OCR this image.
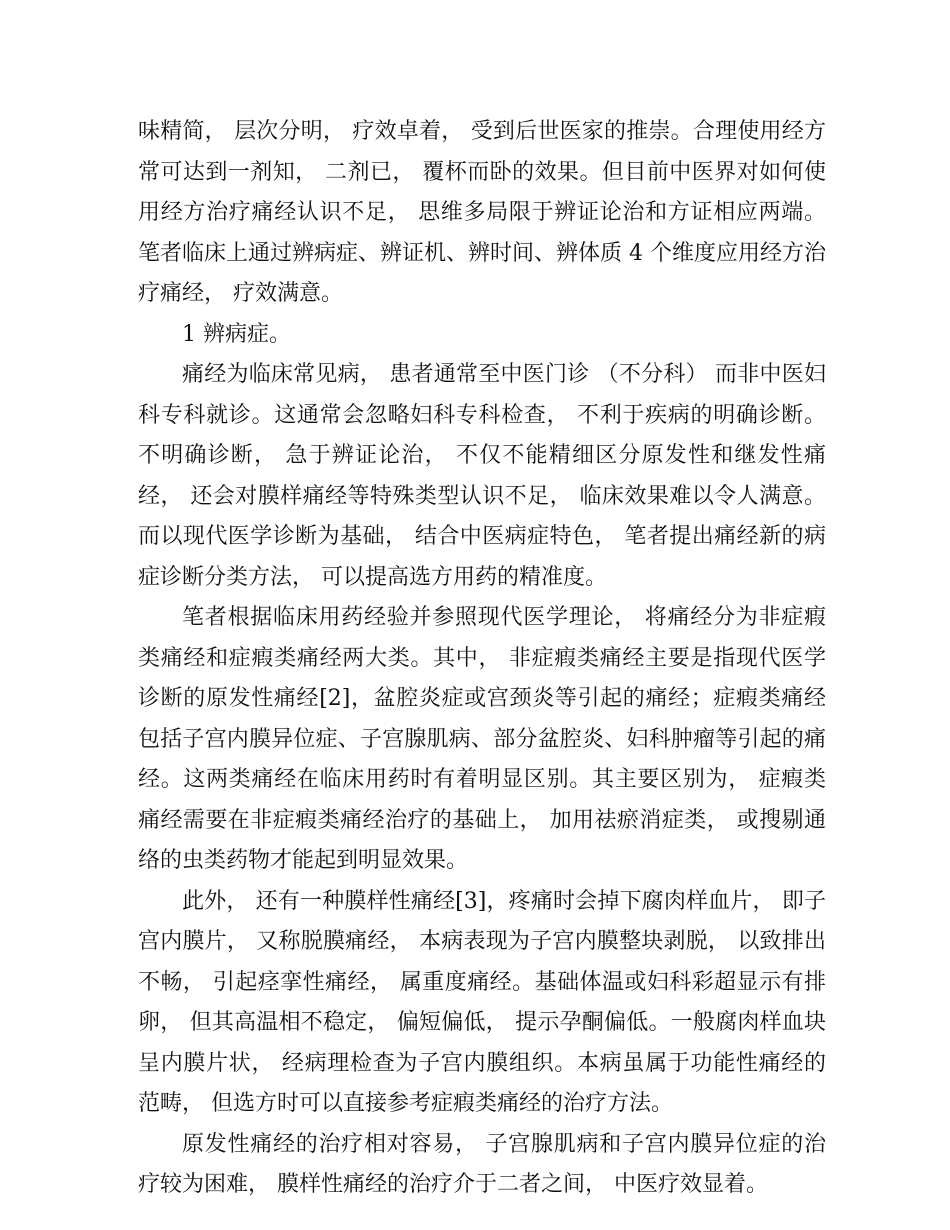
味精简， 层次分明， 疗效卓着， 受到后世医家的推崇。合理使用经方常可达到一剂知， 二剂已， 覆杯而卧的效果。但目前中医界对如何使用经方治疗痛经认识不足， 思维多局限于辨证论治和方证相应两端。笔者临床上通过辨病症、辨证机、辨时间、辨体质 4 个维度应用经方治疗痛经， 疗效满意。

1 辨病症。

痛经为临床常见病， 患者通常至中医门诊 （不分科） 而非中医妇科专科就诊。这通常会忽略妇科专科检查， 不利于疾病的明确诊断。不明确诊断， 急于辨证论治， 不仅不能精细区分原发性和继发性痛经， 还会对膜样痛经等特殊类型认识不足， 临床效果难以令人满意。而以现代医学诊断为基础， 结合中医病症特色， 笔者提出痛经新的病症诊断分类方法， 可以提高选方用药的精准度。

笔者根据临床用药经验并参照现代医学理论， 将痛经分为非症瘕类痛经和症瘕类痛经两大类。其中， 非症瘕类痛经主要是指现代医学诊断的原发性痛经[2]，盆腔炎症或宫颈炎等引起的痛经；症瘕类痛经包括子宫内膜异位症、子宫腺肌病、部分盆腔炎、妇科肿瘤等引起的痛经。这两类痛经在临床用药时有着明显区别。其主要区别为， 症瘕类痛经需要在非症瘕类痛经治疗的基础上， 加用祛瘀消症类， 或搜剔通络的虫类药物才能起到明显效果。

此外， 还有一种膜样性痛经[3]，疼痛时会掉下腐肉样血片， 即子宫内膜片， 又称脱膜痛经， 本病表现为子宫内膜整块剥脱， 以致排出不畅， 引起痉挛性痛经， 属重度痛经。基础体温或妇科彩超显示有排卵， 但其高温相不稳定， 偏短偏低， 提示孕酮偏低。一般腐肉样血块呈内膜片状， 经病理检查为子宫内膜组织。本病虽属于功能性痛经的范畴， 但选方时可以直接参考症瘕类痛经的治疗方法。

原发性痛经的治疗相对容易， 子宫腺肌病和子宫内膜异位症的治疗较为困难， 膜样性痛经的治疗介于二者之间， 中医疗效显着。
